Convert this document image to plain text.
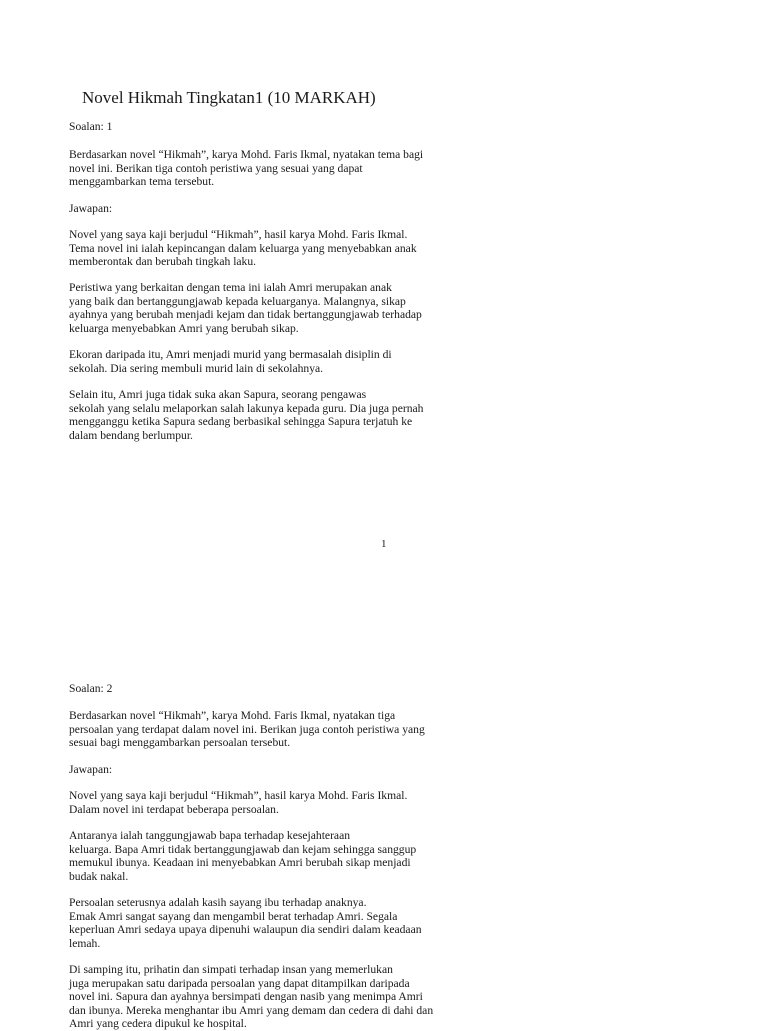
Novel Hikmah Tingkatan1 (10 MARKAH)
Soalan: 1
Berdasarkan novel “Hikmah”, karya Mohd. Faris Ikmal, nyatakan tema bagi
novel ini. Berikan tiga contoh peristiwa yang sesuai yang dapat
menggambarkan tema tersebut.
Jawapan:
Novel yang saya kaji berjudul “Hikmah”, hasil karya Mohd. Faris Ikmal.
Tema novel ini ialah kepincangan dalam keluarga yang menyebabkan anak
memberontak dan berubah tingkah laku.
Peristiwa yang berkaitan dengan tema ini ialah Amri merupakan anak
yang baik dan bertanggungjawab kepada keluarganya. Malangnya, sikap
ayahnya yang berubah menjadi kejam dan tidak bertanggungjawab terhadap
keluarga menyebabkan Amri yang berubah sikap.
Ekoran daripada itu, Amri menjadi murid yang bermasalah disiplin di
sekolah. Dia sering membuli murid lain di sekolahnya.
Selain itu, Amri juga tidak suka akan Sapura, seorang pengawas
sekolah yang selalu melaporkan salah lakunya kepada guru. Dia juga pernah
mengganggu ketika Sapura sedang berbasikal sehingga Sapura terjatuh ke
dalam bendang berlumpur.
1
Soalan: 2
Berdasarkan novel “Hikmah”, karya Mohd. Faris Ikmal, nyatakan tiga
persoalan yang terdapat dalam novel ini. Berikan juga contoh peristiwa yang
sesuai bagi menggambarkan persoalan tersebut.
Jawapan:
Novel yang saya kaji berjudul “Hikmah”, hasil karya Mohd. Faris Ikmal.
Dalam novel ini terdapat beberapa persoalan.
Antaranya ialah tanggungjawab bapa terhadap kesejahteraan
keluarga. Bapa Amri tidak bertanggungjawab dan kejam sehingga sanggup
memukul ibunya. Keadaan ini menyebabkan Amri berubah sikap menjadi
budak nakal.
Persoalan seterusnya adalah kasih sayang ibu terhadap anaknya.
Emak Amri sangat sayang dan mengambil berat terhadap Amri. Segala
keperluan Amri sedaya upaya dipenuhi walaupun dia sendiri dalam keadaan
lemah.
Di samping itu, prihatin dan simpati terhadap insan yang memerlukan
juga merupakan satu daripada persoalan yang dapat ditampilkan daripada
novel ini. Sapura dan ayahnya bersimpati dengan nasib yang menimpa Amri
dan ibunya. Mereka menghantar ibu Amri yang demam dan cedera di dahi dan
Amri yang cedera dipukul ke hospital.
